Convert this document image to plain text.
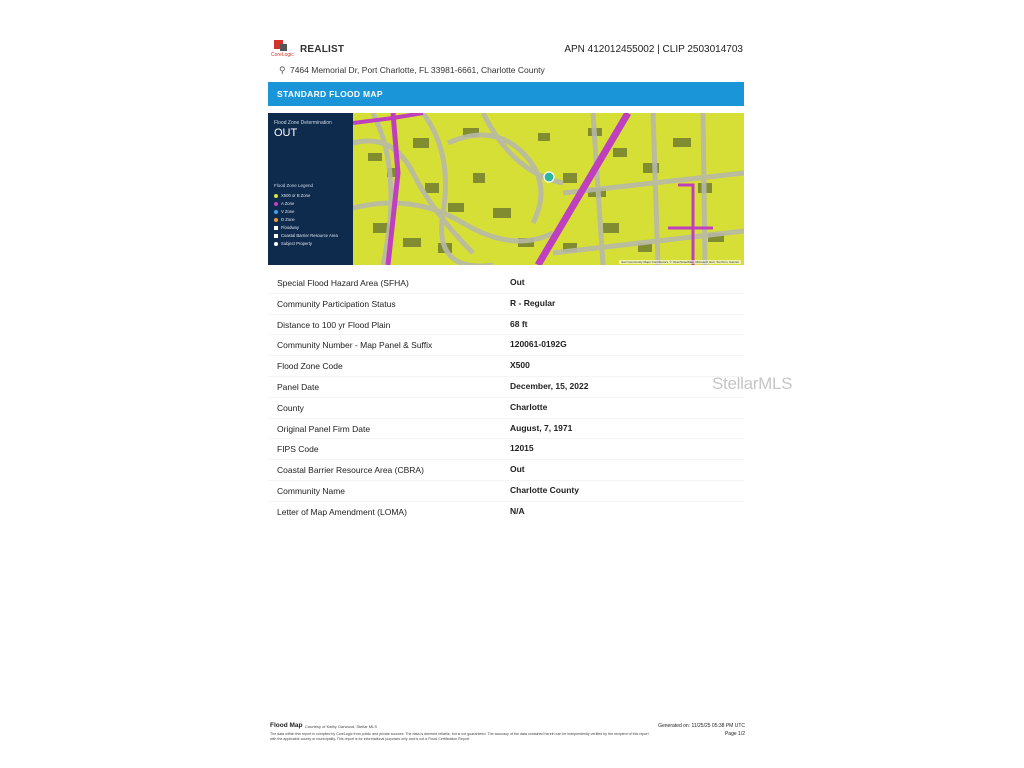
CoreLogic REALIST	APN 412012455002 | CLIP 2503014703
⚲ 7464 Memorial Dr, Port Charlotte, FL 33981-6661, Charlotte County
STANDARD FLOOD MAP
Flood Zone Determination
OUT
Flood Zone Legend
X500 or B Zone
A Zone
V Zone
D Zone
Floodway
Coastal Barrier Resource Area
Subject Property
Esri Community Maps Contributors, © OpenStreetMap, Microsoft, Esri, TomTom, Garmin
Special Flood Hazard Area (SFHA)	Out
Community Participation Status	R - Regular
Distance to 100 yr Flood Plain	68 ft
Community Number - Map Panel & Suffix	120061-0192G
Flood Zone Code	X500
Panel Date	December, 15, 2022
County	Charlotte
Original Panel Firm Date	August, 7, 1971
FIPS Code	12015
Coastal Barrier Resource Area (CBRA)	Out
Community Name	Charlotte County
Letter of Map Amendment (LOMA)	N/A
StellarMLS
Flood Map Courtesy of Kathy Garwood, Stellar MLS
The data within this report is compiled by CoreLogic from public and private sources. The data is deemed reliable, but is not guaranteed. The accuracy of the data contained herein can be independently verified by the recipient of this report with the applicable county or municipality. This report is for informational purposes only and is not a Flood Certification Report.
Generated on: 11/25/25 05:38 PM UTC
Page 1/2
